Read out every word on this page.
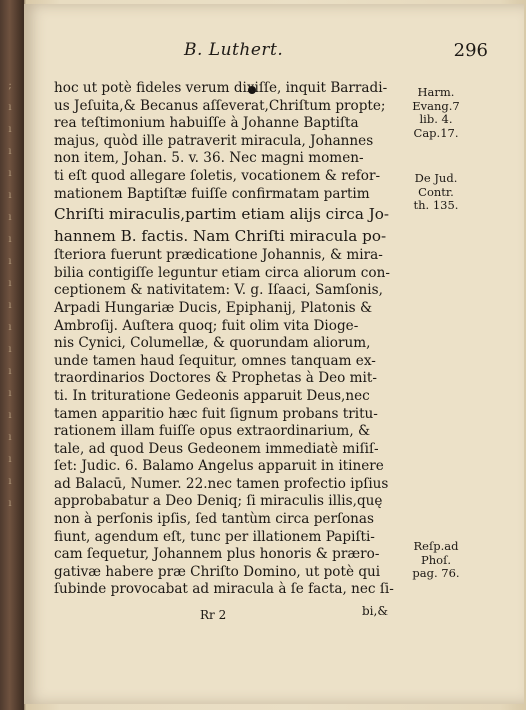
;
ı
ı
ı
ı
ı
ı
ı
ı
ı
ı
ı
ı
ı
ı
ı
ı
ı
ı
ı
B. Luthert.	296
hoc ut potè fideles verum dixiſſe, inquit Barradi-
us Jeſuita,& Becanus aſſeverat,Chriſtum propte;
rea teſtimonium habuiſſe à Johanne Baptiſta
majus, quòd ille patraverit miracula, Johannes
non item, Johan. 5. v. 36. Nec magni momen-
ti eſt quod allegare ſoletis, vocationem & refor-
mationem Baptiſtæ fuiſſe confirmatam partim
Chriſti miraculis,partim etiam alijs circa Jo-
hannem B. factis. Nam Chriſti miracula po-
ſteriora fuerunt prædicatione Johannis, & mira-
bilia contigiſſe leguntur etiam circa aliorum con-
ceptionem & nativitatem: V. g. Iſaaci, Samſonis,
Arpadi Hungariæ Ducis, Epiphanij, Platonis &
Ambroſij. Auſtera quoq; fuit olim vita Dioge-
nis Cynici, Columellæ, & quorundam aliorum,
unde tamen haud ſequitur, omnes tanquam ex-
traordinarios Doctores & Prophetas à Deo mit-
ti. In trituratione Gedeonis apparuit Deus,nec
tamen apparitio hæc fuit ſignum probans tritu-
rationem illam fuiſſe opus extraordinarium, &
tale, ad quod Deus Gedeonem immediatè miſiſ-
ſet: Judic. 6. Balamo Angelus apparuit in itinere
ad Balacū, Numer. 22.nec tamen profectio ipſius
approbabatur a Deo Deniq; ſi miraculis illis,quę
non à perſonis ipſis, ſed tantùm circa perſonas
fiunt, agendum eſt, tunc per illationem Papiſti-
cam ſequetur, Johannem plus honoris & præro-
gativæ habere præ Chriſto Domino, ut potè qui
ſubinde provocabat ad miracula à ſe facta, nec ſi-
Harm.
Evang.7
lib. 4.
Cap.17.
De Jud.
Contr.
th. 135.
Reſp.ad
Phoſ.
pag. 76.
Rr 2	bi,&
